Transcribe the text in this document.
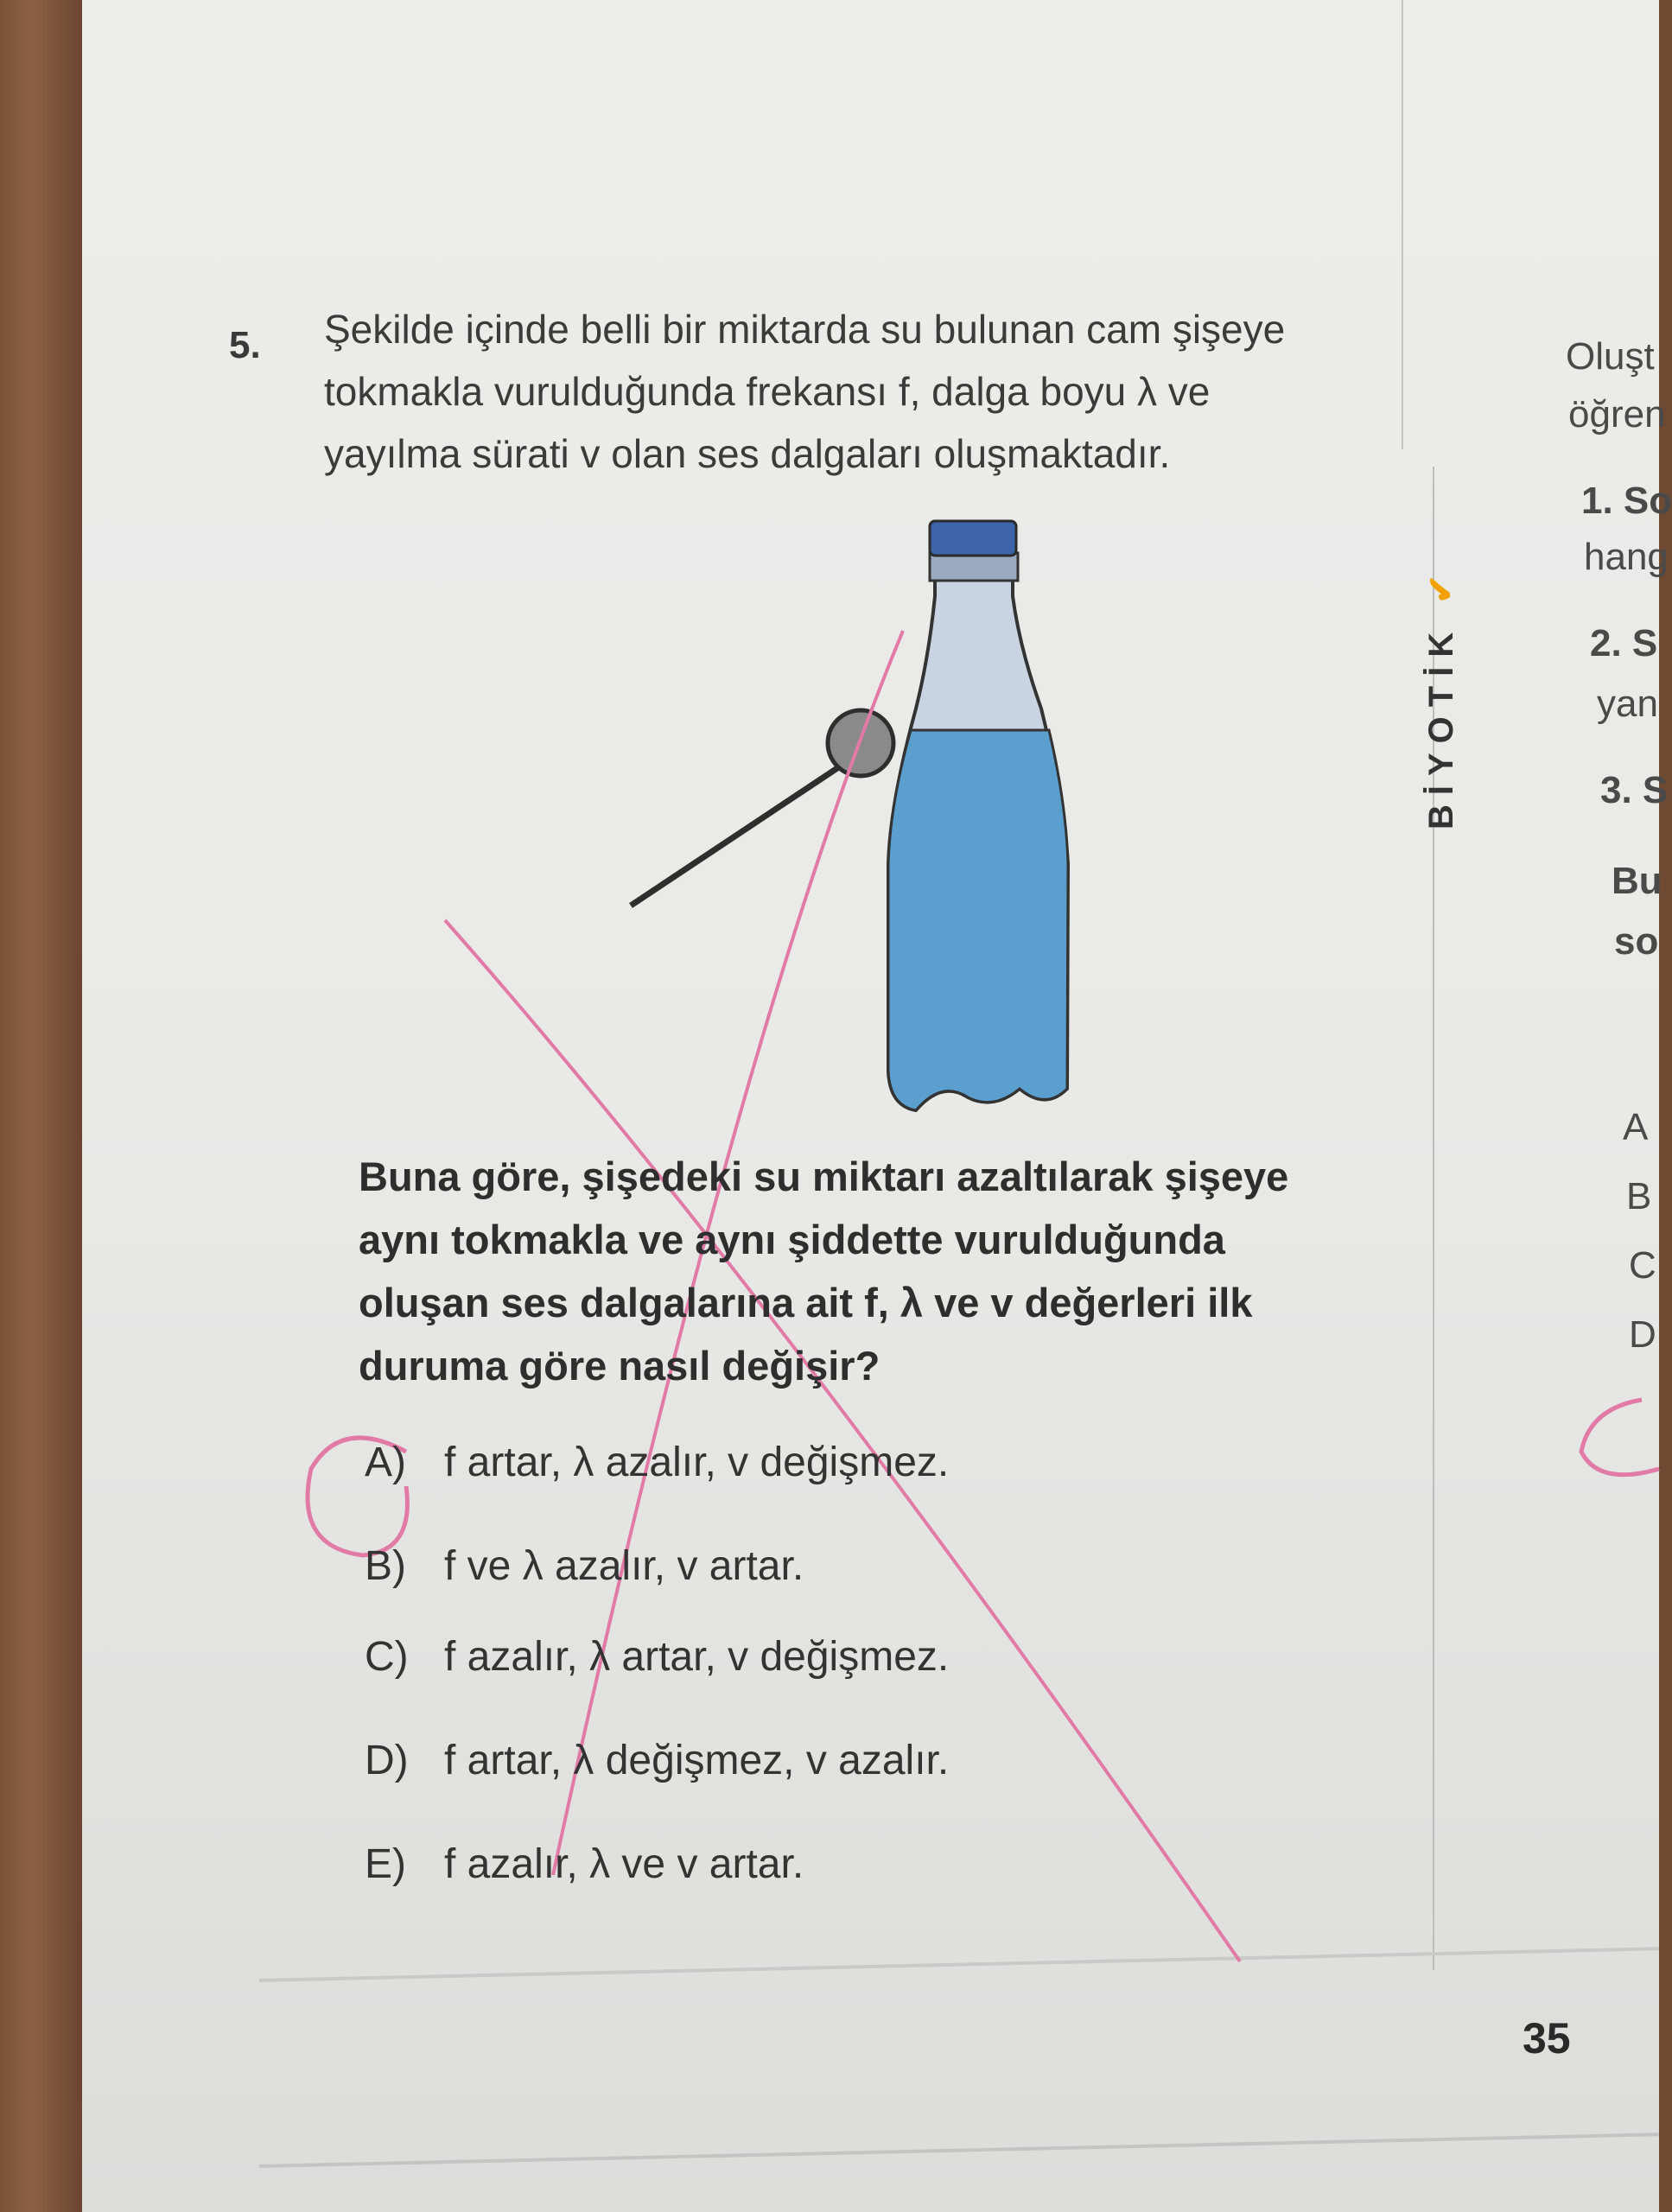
5. Şekilde içinde belli bir miktarda su bulunan cam şişeye
tokmakla vurulduğunda frekansı f, dalga boyu λ ve
yayılma sürati v olan ses dalgaları oluşmaktadır.
Buna göre, şişedeki su miktarı azaltılarak şişeye
aynı tokmakla ve aynı şiddette vurulduğunda
oluşan ses dalgalarına ait f, λ ve v değerleri ilk
duruma göre nasıl değişir?
A) f artar, λ azalır, v değişmez.
B) f ve λ azalır, v artar.
C) f azalır, λ artar, v değişmez.
D) f artar, λ değişmez, v azalır.
E) f azalır, λ ve v artar.
BİYOTİK ✔
Oluşt
öğren
1. So
hang
2. S
yan
3. S
Bu
so
A
B
C
D
35
